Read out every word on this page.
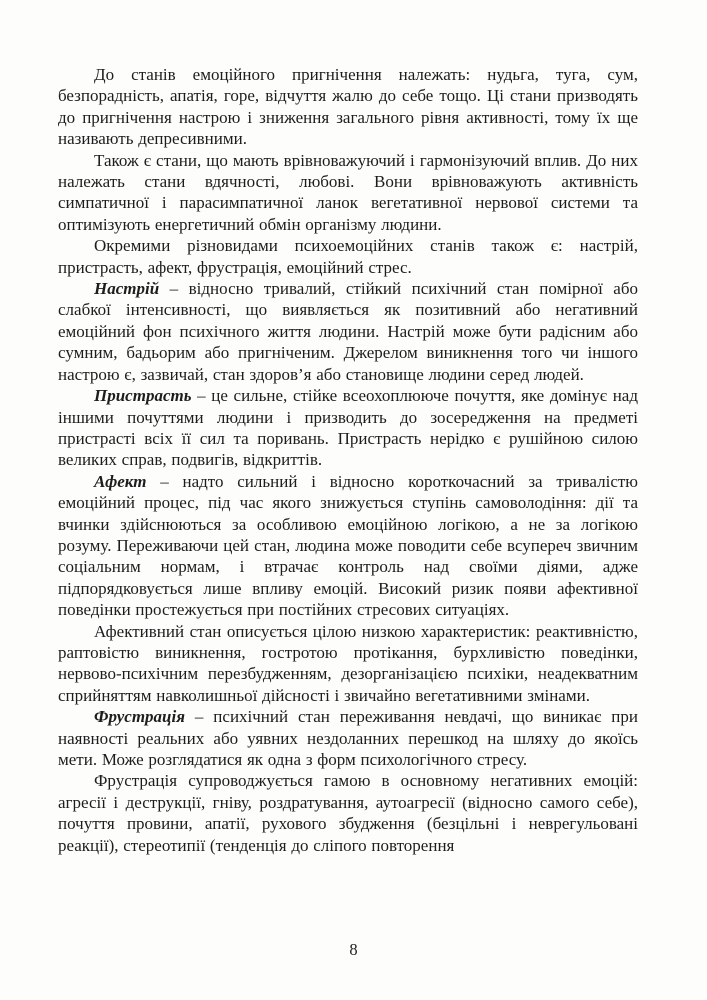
До станів емоційного пригнічення належать: нудьга, туга, сум, безпорадність, апатія, горе, відчуття жалю до себе тощо. Ці стани призводять до пригнічення настрою і зниження загального рівня активності, тому їх ще називають депресивними.

Також є стани, що мають врівноважуючий і гармонізуючий вплив. До них належать стани вдячності, любові. Вони врівноважують активність симпатичної і парасимпатичної ланок вегетативної нервової системи та оптимізують енергетичний обмін організму людини.

Окремими різновидами психоемоційних станів також є: настрій, пристрасть, афект, фрустрація, емоційний стрес.

Настрій – відносно тривалий, стійкий психічний стан помірної або слабкої інтенсивності, що виявляється як позитивний або негативний емоційний фон психічного життя людини. Настрій може бути радісним або сумним, бадьорим або пригніченим. Джерелом виникнення того чи іншого настрою є, зазвичай, стан здоров’я або становище людини серед людей.

Пристрасть – це сильне, стійке всеохоплююче почуття, яке домінує над іншими почуттями людини і призводить до зосередження на предметі пристрасті всіх її сил та поривань. Пристрасть нерідко є рушійною силою великих справ, подвигів, відкриттів.

Афект – надто сильний і відносно короткочасний за тривалістю емоційний процес, під час якого знижується ступінь самоволодіння: дії та вчинки здійснюються за особливою емоційною логікою, а не за логікою розуму. Переживаючи цей стан, людина може поводити себе всупереч звичним соціальним нормам, і втрачає контроль над своїми діями, адже підпорядковується лише впливу емоцій. Високий ризик появи афективної поведінки простежується при постійних стресових ситуаціях.

Афективний стан описується цілою низкою характеристик: реактивністю, раптовістю виникнення, гостротою протікання, бурхливістю поведінки, нервово-психічним перезбудженням, дезорганізацією психіки, неадекватним сприйняттям навколишньої дійсності і звичайно вегетативними змінами.

Фрустрація – психічний стан переживання невдачі, що виникає при наявності реальних або уявних нездоланних перешкод на шляху до якоїсь мети. Може розглядатися як одна з форм психологічного стресу.

Фрустрація супроводжується гамою в основному негативних емоцій: агресії і деструкції, гніву, роздратування, аутоагресії (відносно самого себе), почуття провини, апатії, рухового збудження (безцільні і неврегульовані реакції), стереотипії (тенденція до сліпого повторення

8
